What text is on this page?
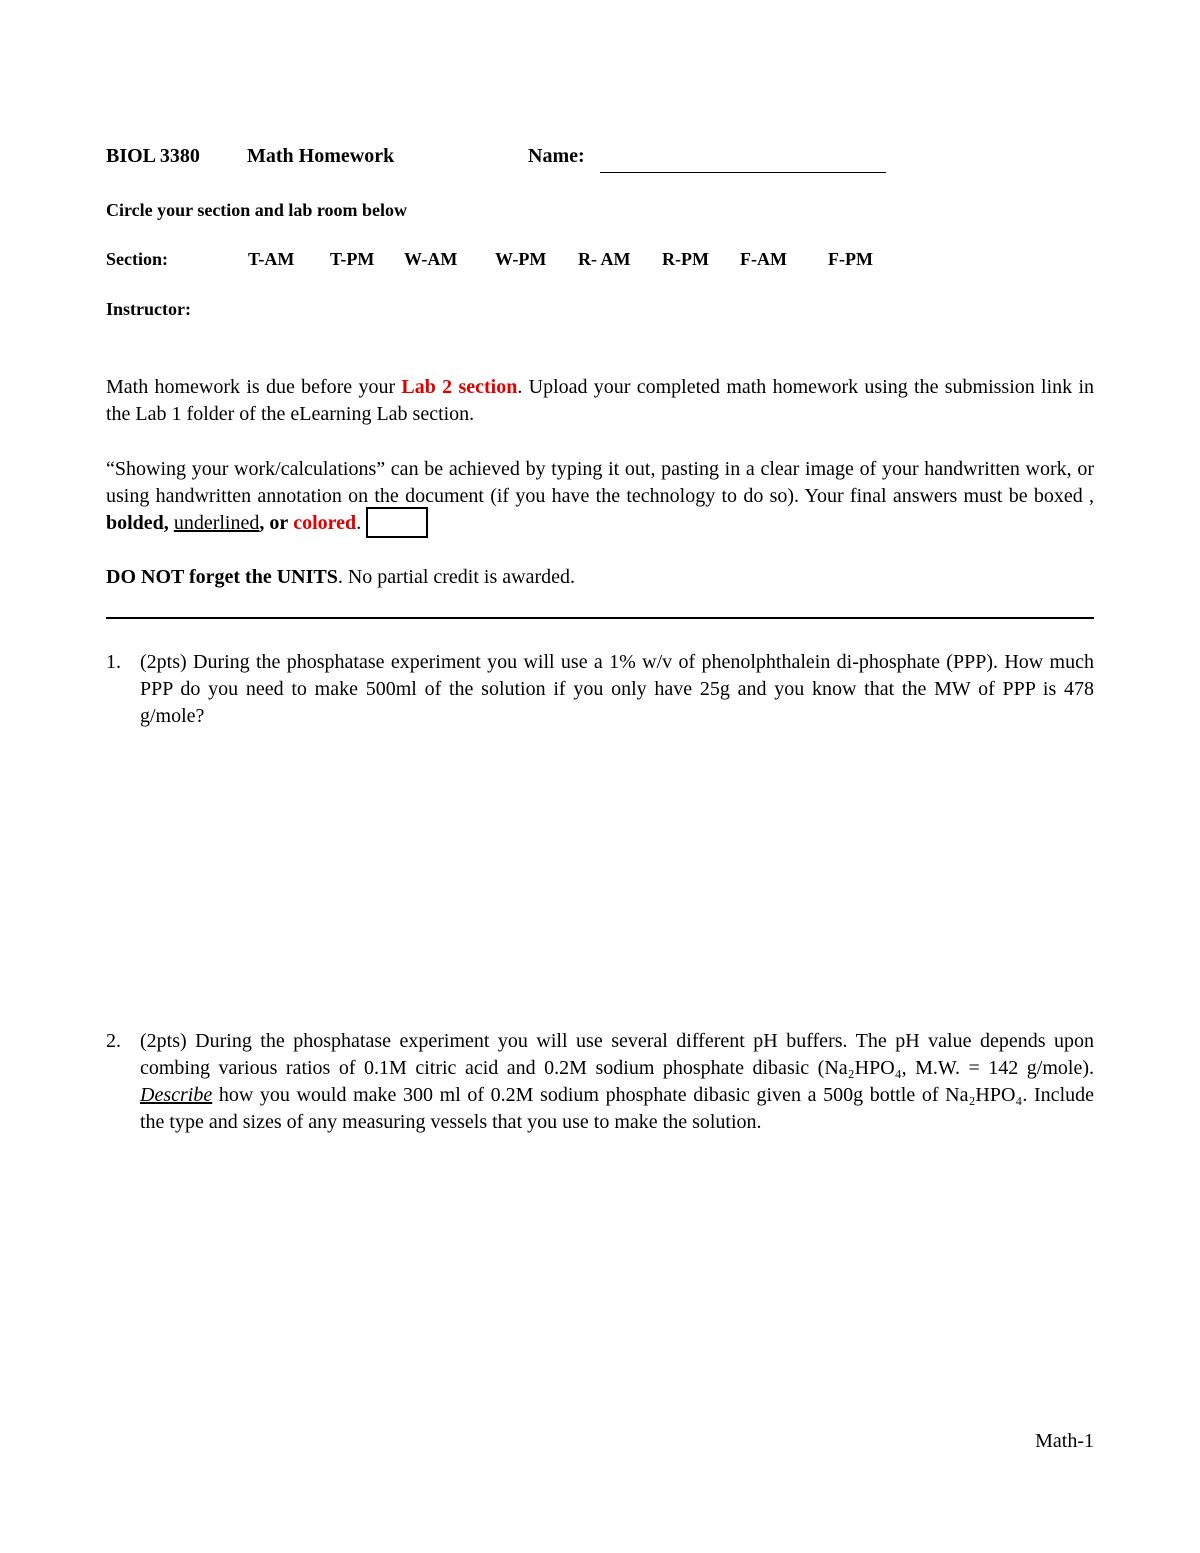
BIOL 3380 Math Homework	Name:
Circle your section and lab room below
Section:	T-AM T-PM W-AM W-PM R- AM R-PM F-AM F-PM
Instructor:

Math homework is due before your Lab 2 section. Upload your completed math homework using the submission link in the Lab 1 folder of the eLearning Lab section.

“Showing your work/calculations” can be achieved by typing it out, pasting in a clear image of your handwritten work, or using handwritten annotation on the document (if you have the technology to do so). Your final answers must be boxed , bolded, underlined, or colored.

DO NOT forget the UNITS. No partial credit is awarded.

1. (2pts) During the phosphatase experiment you will use a 1% w/v of phenolphthalein di-phosphate (PPP). How much PPP do you need to make 500ml of the solution if you only have 25g and you know that the MW of PPP is 478 g/mole?

2. (2pts) During the phosphatase experiment you will use several different pH buffers. The pH value depends upon combing various ratios of 0.1M citric acid and 0.2M sodium phosphate dibasic (Na₂HPO₄, M.W. = 142 g/mole). Describe how you would make 300 ml of 0.2M sodium phosphate dibasic given a 500g bottle of Na₂HPO₄. Include the type and sizes of any measuring vessels that you use to make the solution.

Math-1
